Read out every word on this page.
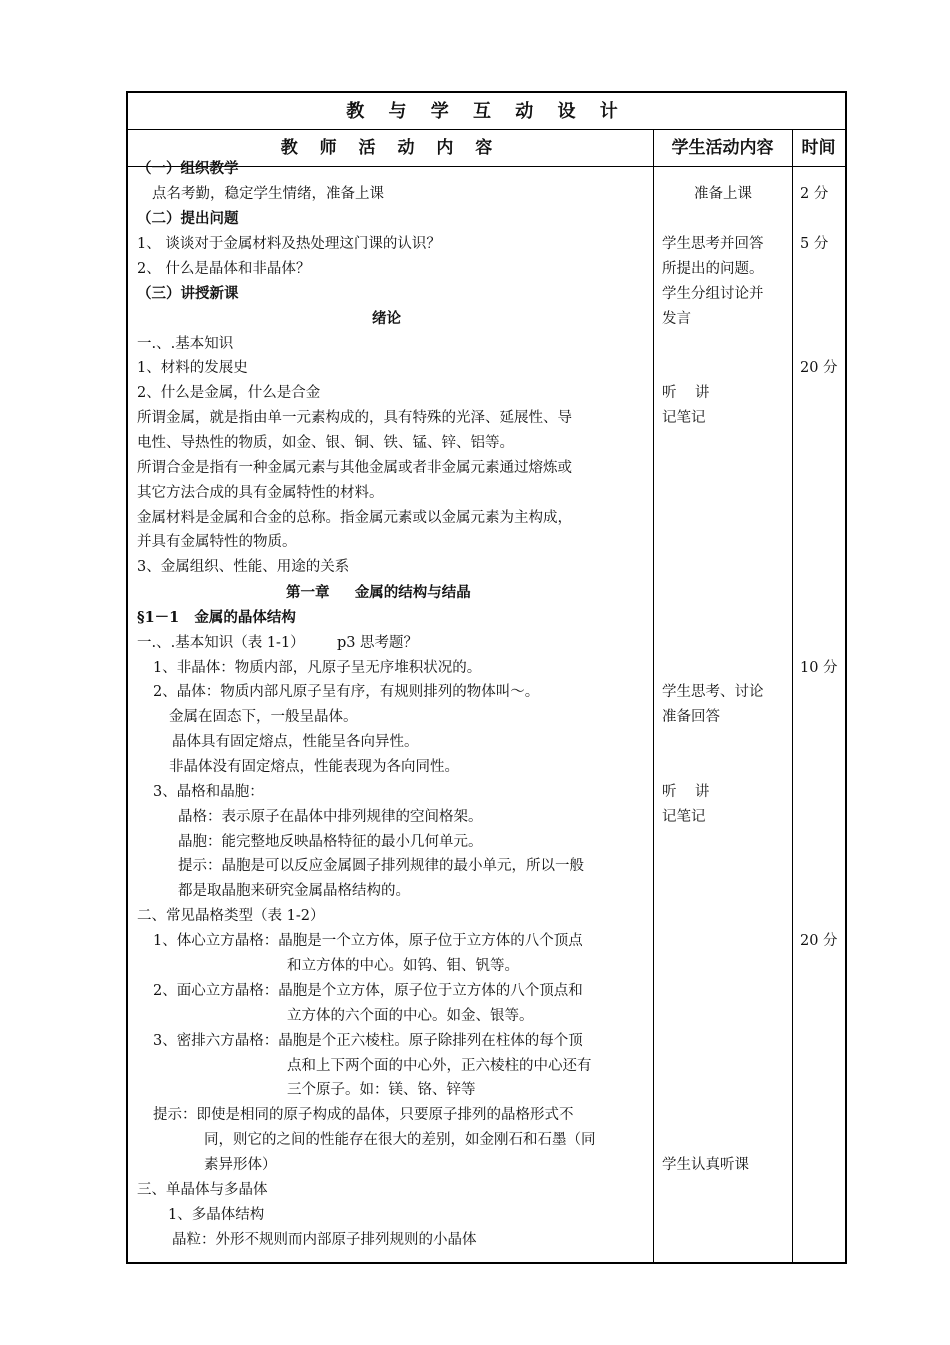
教 与 学 互 动 设 计
教 师 活 动 内 容	学生活动内容	时间
（一）组织教学
点名考勤，稳定学生情绪，准备上课
（二）提出问题
1、 谈谈对于金属材料及热处理这门课的认识？
2、 什么是晶体和非晶体？
（三）讲授新课
绪论
一.、.基本知识
1、材料的发展史
2、什么是金属，什么是合金
所谓金属，就是指由单一元素构成的，具有特殊的光泽、延展性、导
电性、导热性的物质，如金、银、铜、铁、锰、锌、铝等。
所谓合金是指有一种金属元素与其他金属或者非金属元素通过熔炼或
其它方法合成的具有金属特性的材料。
金属材料是金属和合金的总称。指金属元素或以金属元素为主构成，
并具有金属特性的物质。
3、金属组织、性能、用途的关系
第一章     金属的结构与结晶
§1－1   金属的晶体结构
一.、.基本知识（表 1-1）       p3 思考题？
1、非晶体：物质内部，凡原子呈无序堆积状况的。
2、晶体：物质内部凡原子呈有序，有规则排列的物体叫～。
金属在固态下，一般呈晶体。
晶体具有固定熔点，性能呈各向异性。
非晶体没有固定熔点，性能表现为各向同性。
3、晶格和晶胞：
晶格：表示原子在晶体中排列规律的空间格架。
晶胞：能完整地反映晶格特征的最小几何单元。
提示：晶胞是可以反应金属圆子排列规律的最小单元，所以一般
都是取晶胞来研究金属晶格结构的。
二、常见晶格类型（表 1-2）
1、体心立方晶格：晶胞是一个立方体，原子位于立方体的八个顶点
和立方体的中心。如钨、钼、钒等。
2、面心立方晶格：晶胞是个立方体，原子位于立方体的八个顶点和
立方体的六个面的中心。如金、银等。
3、密排六方晶格：晶胞是个正六棱柱。原子除排列在柱体的每个顶
点和上下两个面的中心外，正六棱柱的中心还有
三个原子。如：镁、铬、锌等
提示：即使是相同的原子构成的晶体，只要原子排列的晶格形式不
同，则它的之间的性能存在很大的差别，如金刚石和石墨（同
素异形体）
三、单晶体与多晶体
1、多晶体结构
晶粒：外形不规则而内部原子排列规则的小晶体
准备上课
学生思考并回答
所提出的问题。
学生分组讨论并
发言
听    讲
记笔记
学生思考、讨论
准备回答
听    讲
记笔记
学生认真听课
2 分
5 分
20 分
10 分
20 分
